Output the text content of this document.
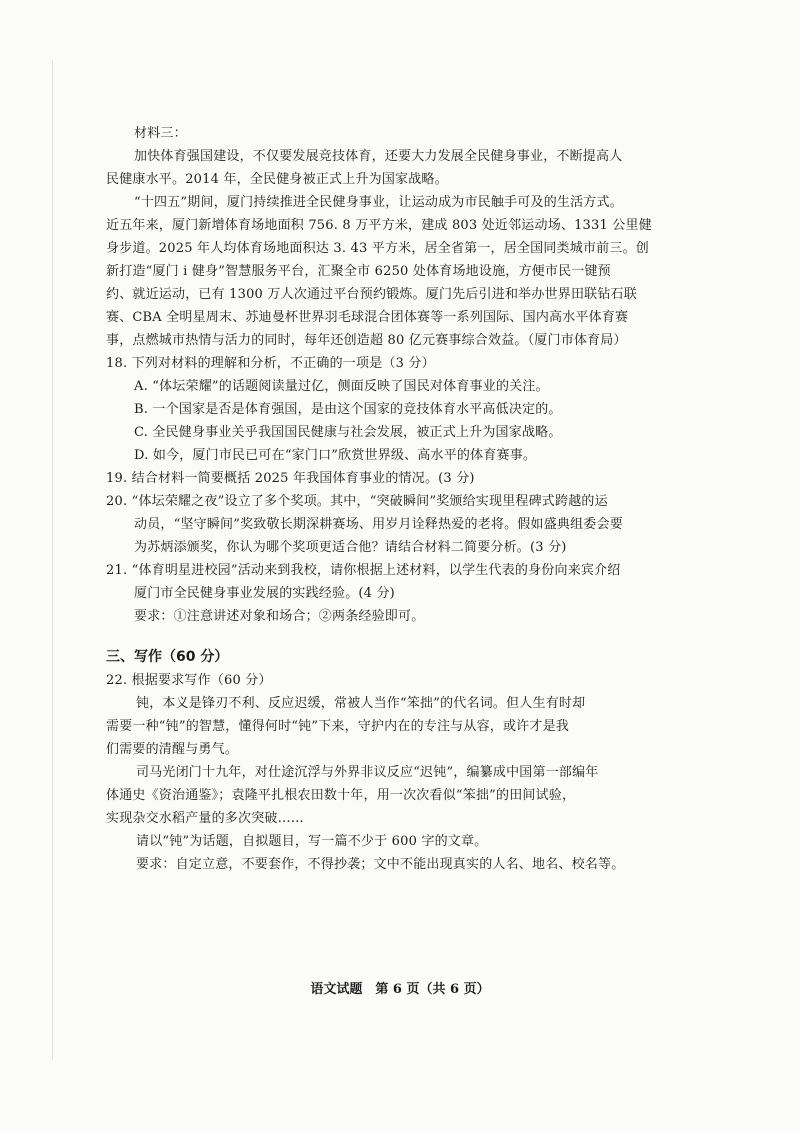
材料三：

加快体育强国建设，不仅要发展竞技体育，还要大力发展全民健身事业，不断提高人

民健康水平。2014 年，全民健身被正式上升为国家战略。

“十四五”期间，厦门持续推进全民健身事业，让运动成为市民触手可及的生活方式。

近五年来，厦门新增体育场地面积 756. 8 万平方米，建成 803 处近邻运动场、1331 公里健

身步道。2025 年人均体育场地面积达 3. 43 平方米，居全省第一，居全国同类城市前三。创

新打造“厦门 i 健身”智慧服务平台，汇聚全市 6250 处体育场地设施，方便市民一键预

约、就近运动，已有 1300 万人次通过平台预约锻炼。厦门先后引进和举办世界田联钻石联

赛、CBA 全明星周末、苏迪曼杯世界羽毛球混合团体赛等一系列国际、国内高水平体育赛

事，点燃城市热情与活力的同时，每年还创造超 80 亿元赛事综合效益。（厦门市体育局）

18. 下列对材料的理解和分析，不正确的一项是（3 分）

A. “体坛荣耀”的话题阅读量过亿，侧面反映了国民对体育事业的关注。

B. 一个国家是否是体育强国，是由这个国家的竞技体育水平高低决定的。

C. 全民健身事业关乎我国国民健康与社会发展，被正式上升为国家战略。

D. 如今，厦门市民已可在“家门口”欣赏世界级、高水平的体育赛事。

19. 结合材料一简要概括 2025 年我国体育事业的情况。(3 分)

20. “体坛荣耀之夜”设立了多个奖项。其中，“突破瞬间”奖颁给实现里程碑式跨越的运

动员，“坚守瞬间”奖致敬长期深耕赛场、用岁月诠释热爱的老将。假如盛典组委会要

为苏炳添颁奖，你认为哪个奖项更适合他？请结合材料二简要分析。(3 分)

21. “体育明星进校园”活动来到我校，请你根据上述材料，以学生代表的身份向来宾介绍

厦门市全民健身事业发展的实践经验。(4 分)

要求：①注意讲述对象和场合；②两条经验即可。

三、写作（60 分）

22. 根据要求写作（60 分）

钝，本义是锋刃不利、反应迟缓，常被人当作“笨拙”的代名词。但人生有时却

需要一种“钝”的智慧，懂得何时“钝”下来，守护内在的专注与从容，或许才是我

们需要的清醒与勇气。

司马光闭门十九年，对仕途沉浮与外界非议反应“迟钝”，编纂成中国第一部编年

体通史《资治通鉴》；袁隆平扎根农田数十年，用一次次看似“笨拙”的田间试验，

实现杂交水稻产量的多次突破……

请以“钝”为话题，自拟题目，写一篇不少于 600 字的文章。

要求：自定立意，不要套作，不得抄袭；文中不能出现真实的人名、地名、校名等。

语文试题　第 6 页（共 6 页）
